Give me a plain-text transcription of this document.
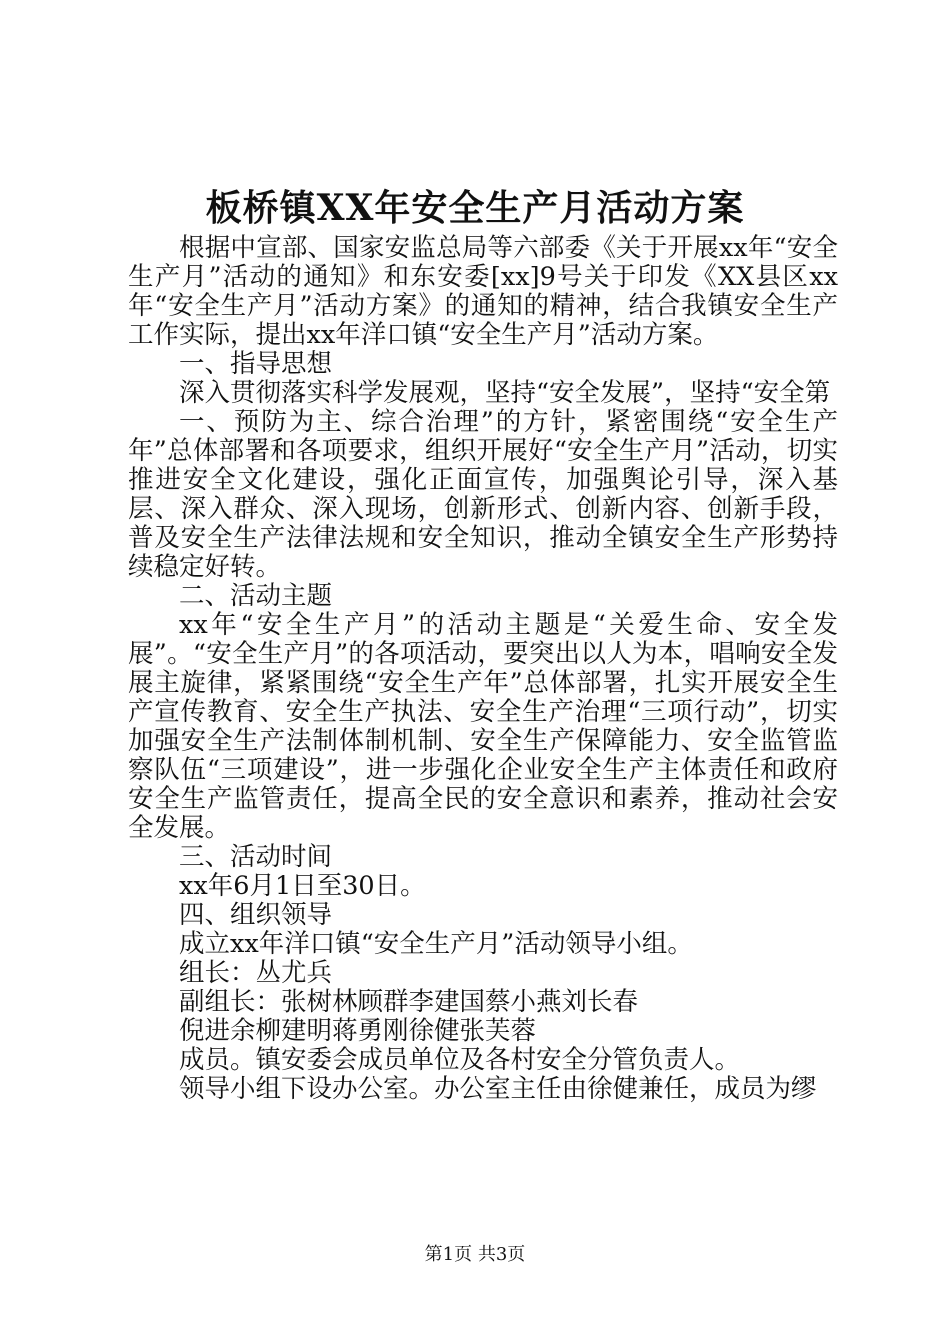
板桥镇XX年安全生产月活动方案

根据中宣部、国家安监总局等六部委《关于开展xx年“安全生产月”活动的通知》和东安委[xx]9号关于印发《XX县区xx年“安全生产月”活动方案》的通知的精神，结合我镇安全生产工作实际，提出xx年洋口镇“安全生产月”活动方案。

一、指导思想

深入贯彻落实科学发展观，坚持“安全发展”，坚持“安全第

一、预防为主、综合治理”的方针，紧密围绕“安全生产年”总体部署和各项要求，组织开展好“安全生产月”活动，切实推进安全文化建设，强化正面宣传，加强舆论引导，深入基层、深入群众、深入现场，创新形式、创新内容、创新手段，普及安全生产法律法规和安全知识，推动全镇安全生产形势持续稳定好转。

二、活动主题

xx年“安全生产月”的活动主题是“关爱生命、安全发展”。“安全生产月”的各项活动，要突出以人为本，唱响安全发展主旋律，紧紧围绕“安全生产年”总体部署，扎实开展安全生产宣传教育、安全生产执法、安全生产治理“三项行动”，切实加强安全生产法制体制机制、安全生产保障能力、安全监管监察队伍“三项建设”，进一步强化企业安全生产主体责任和政府安全生产监管责任，提高全民的安全意识和素养，推动社会安全发展。

三、活动时间

xx年6月1日至30日。

四、组织领导

成立xx年洋口镇“安全生产月”活动领导小组。

组长：丛尤兵

副组长：张树林顾群李建国蔡小燕刘长春

倪进余柳建明蒋勇刚徐健张芙蓉

成员。镇安委会成员单位及各村安全分管负责人。

领导小组下设办公室。办公室主任由徐健兼任，成员为缪

第1页 共3页
